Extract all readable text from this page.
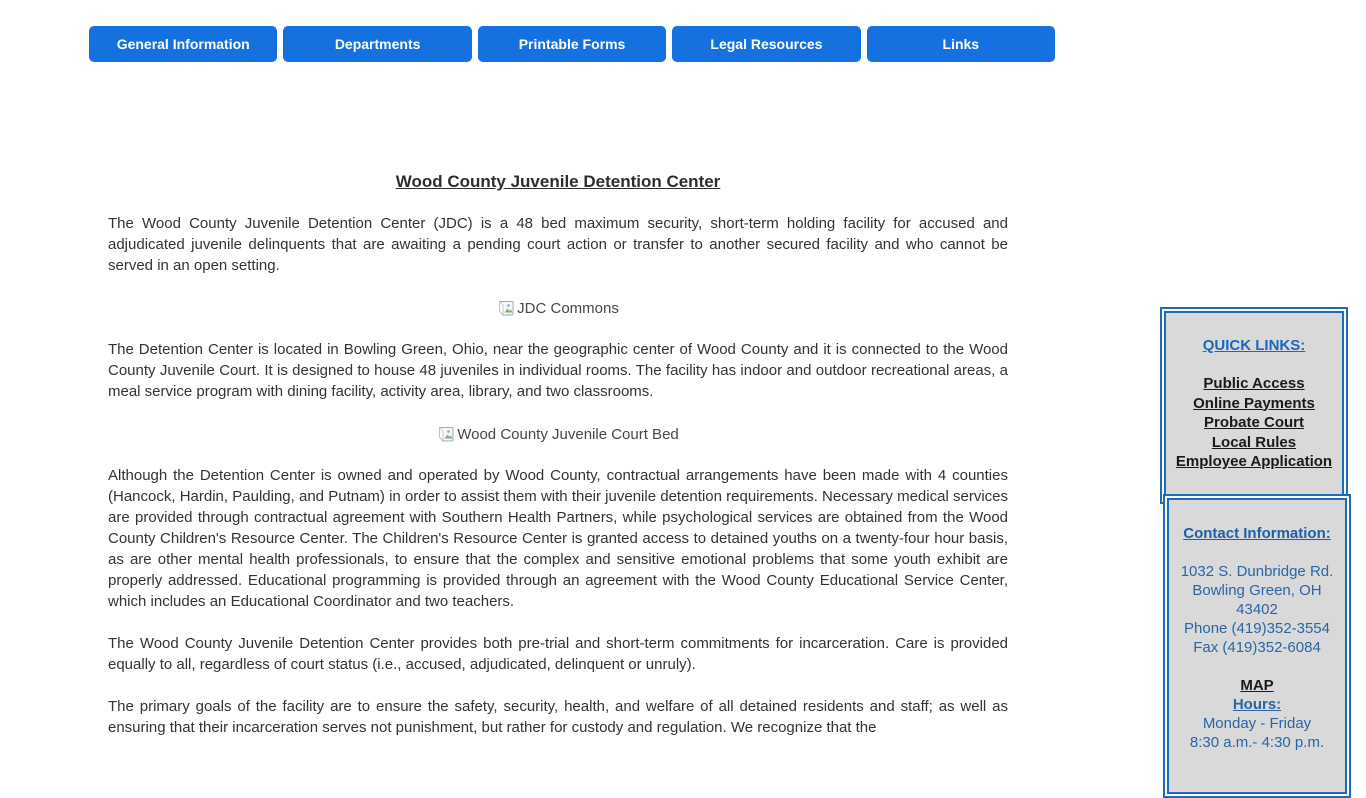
General Information	Departments	Printable Forms	Legal Resources	Links
Wood County Juvenile Detention Center

The Wood County Juvenile Detention Center (JDC) is a 48 bed maximum security, short-term holding facility for accused and adjudicated juvenile delinquents that are awaiting a pending court action or transfer to another secured facility and who cannot be served in an open setting.

JDC Commons

The Detention Center is located in Bowling Green, Ohio, near the geographic center of Wood County and it is connected to the Wood County Juvenile Court. It is designed to house 48 juveniles in individual rooms. The facility has indoor and outdoor recreational areas, a meal service program with dining facility, activity area, library, and two classrooms.

Wood County Juvenile Court Bed

Although the Detention Center is owned and operated by Wood County, contractual arrangements have been made with 4 counties (Hancock, Hardin, Paulding, and Putnam) in order to assist them with their juvenile detention requirements. Necessary medical services are provided through contractual agreement with Southern Health Partners, while psychological services are obtained from the Wood County Children's Resource Center. The Children's Resource Center is granted access to detained youths on a twenty-four hour basis, as are other mental health professionals, to ensure that the complex and sensitive emotional problems that some youth exhibit are properly addressed. Educational programming is provided through an agreement with the Wood County Educational Service Center, which includes an Educational Coordinator and two teachers.

The Wood County Juvenile Detention Center provides both pre-trial and short-term commitments for incarceration. Care is provided equally to all, regardless of court status (i.e., accused, adjudicated, delinquent or unruly).

The primary goals of the facility are to ensure the safety, security, health, and welfare of all detained residents and staff; as well as ensuring that their incarceration serves not punishment, but rather for custody and regulation. We recognize that the

QUICK LINKS:
Public Access
Online Payments
Probate Court
Local Rules
Employee Application
Contact Information:
1032 S. Dunbridge Rd.
Bowling Green, OH
43402
Phone (419)352-3554
Fax (419)352-6084
MAP
Hours:
Monday - Friday
8:30 a.m.- 4:30 p.m.
